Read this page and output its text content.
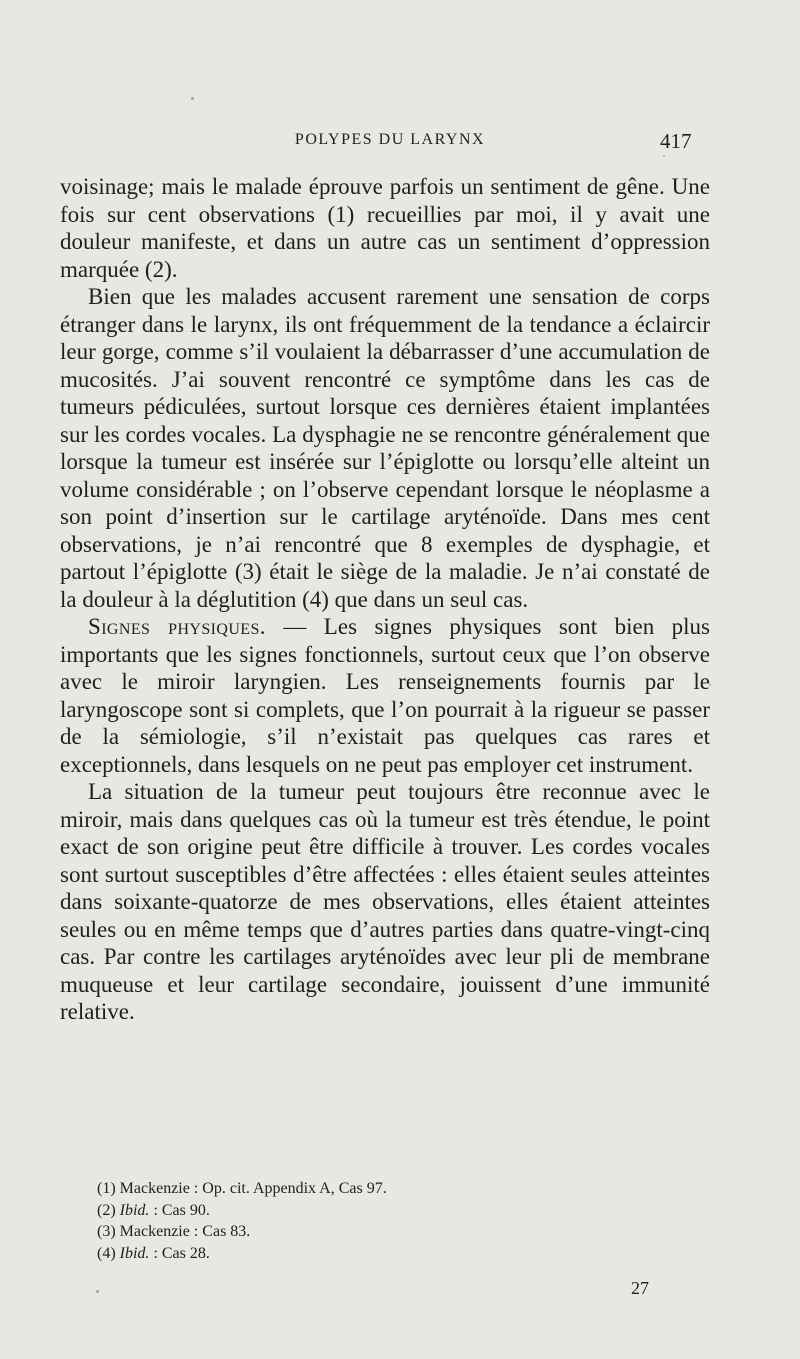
POLYPES DU LARYNX	417

voisinage; mais le malade éprouve parfois un sentiment de gêne. Une fois sur cent observations (1) recueillies par moi, il y avait une douleur manifeste, et dans un autre cas un sentiment d’oppression marquée (2).

Bien que les malades accusent rarement une sensation de corps étranger dans le larynx, ils ont fréquemment de la tendance a éclaircir leur gorge, comme s’il voulaient la débarrasser d’une accumulation de mucosités. J’ai souvent rencontré ce symptôme dans les cas de tumeurs pédiculées, surtout lorsque ces dernières étaient implantées sur les cordes vocales. La dysphagie ne se rencontre généralement que lorsque la tumeur est insérée sur l’épiglotte ou lorsqu’elle alteint un volume considérable ; on l’observe cependant lorsque le néoplasme a son point d’insertion sur le cartilage aryténoïde. Dans mes cent observations, je n’ai rencontré que 8 exemples de dysphagie, et partout l’épiglotte (3) était le siège de la maladie. Je n’ai constaté de la douleur à la déglutition (4) que dans un seul cas.

Signes physiques. — Les signes physiques sont bien plus importants que les signes fonctionnels, surtout ceux que l’on observe avec le miroir laryngien. Les renseignements fournis par le laryngoscope sont si complets, que l’on pourrait à la rigueur se passer de la sémiologie, s’il n’existait pas quelques cas rares et exceptionnels, dans lesquels on ne peut pas employer cet instrument.

La situation de la tumeur peut toujours être reconnue avec le miroir, mais dans quelques cas où la tumeur est très étendue, le point exact de son origine peut être difficile à trouver. Les cordes vocales sont surtout susceptibles d’être affectées : elles étaient seules atteintes dans soixante-quatorze de mes observations, elles étaient atteintes seules ou en même temps que d’autres parties dans quatre-vingt-cinq cas. Par contre les cartilages aryténoïdes avec leur pli de membrane muqueuse et leur cartilage secondaire, jouissent d’une immunité relative.

(1) Mackenzie : Op. cit. Appendix A, Cas 97.
(2) Ibid. : Cas 90.
(3) Mackenzie : Cas 83.
(4) Ibid. : Cas 28.
27
